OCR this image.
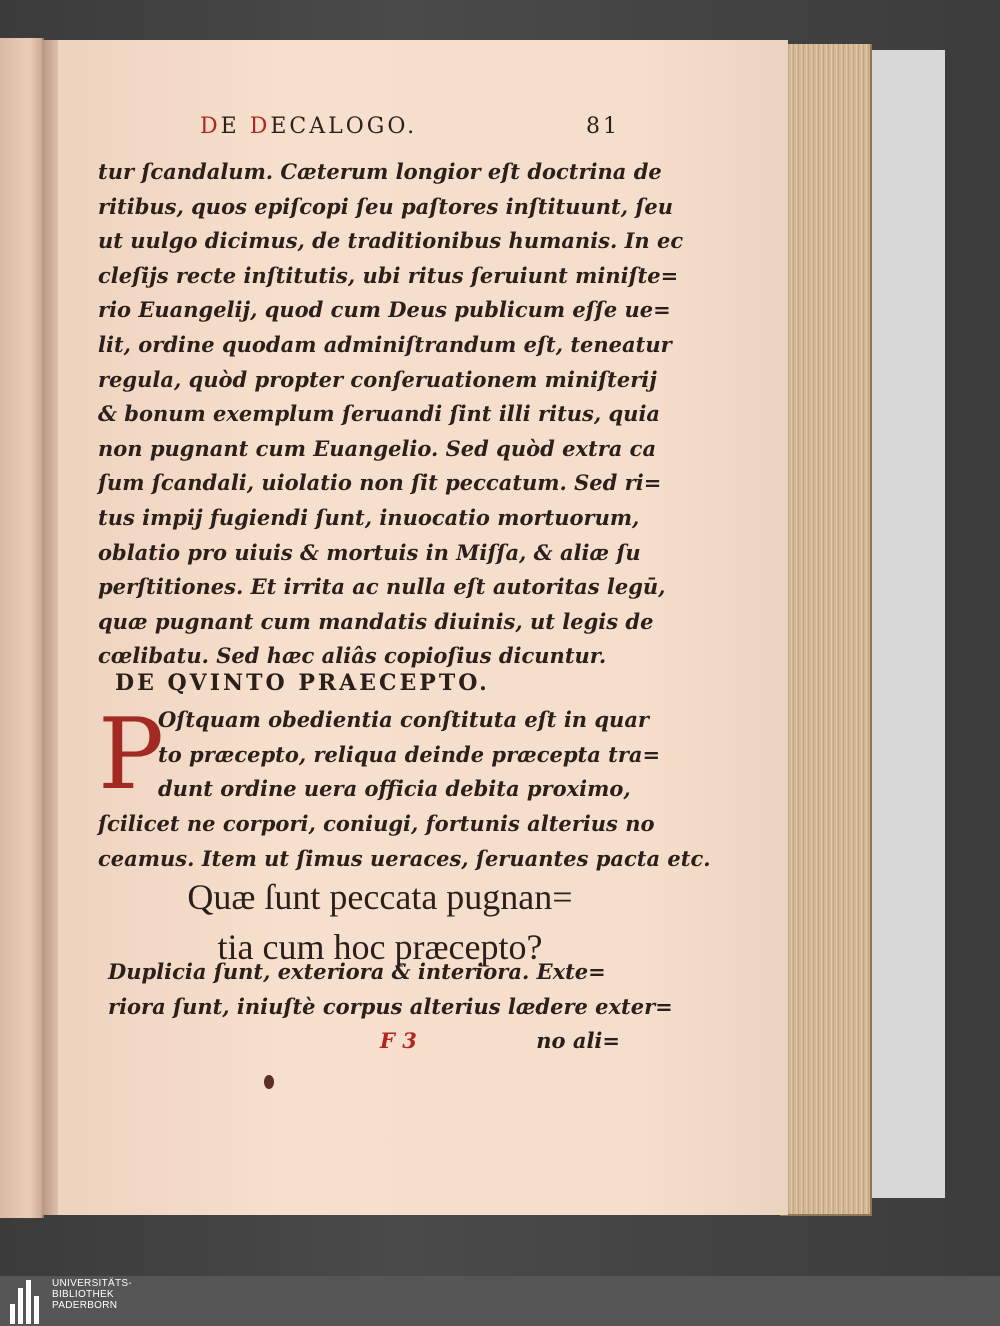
DE DECALOGO.	81
tur ſcandalum. Cæterum longior eſt doctrina de
ritibus, quos epiſcopi ſeu paſtores inſtituunt, ſeu
ut uulgo dicimus, de traditionibus humanis. In ec
cleſijs recte inſtitutis, ubi ritus ſeruiunt miniſte=
rio Euangelij, quod cum Deus publicum eſſe ue=
lit, ordine quodam adminiſtrandum eſt, teneatur
regula, quòd propter conſeruationem miniſterij
& bonum exemplum ſeruandi ſint illi ritus, quia
non pugnant cum Euangelio. Sed quòd extra ca
ſum ſcandali, uiolatio non ſit peccatum. Sed ri=
tus impij fugiendi ſunt, inuocatio mortuorum,
oblatio pro uiuis & mortuis in Miſſa, & aliæ ſu
perſtitiones. Et irrita ac nulla eſt autoritas legū,
quæ pugnant cum mandatis diuinis, ut legis de
cœlibatu. Sed hæc aliâs copioſius dicuntur.
DE QVINTO PRAECEPTO.
P
Oſtquam obedientia conſtituta eſt in quar
to præcepto, reliqua deinde præcepta tra=
dunt ordine uera officia debita proximo,
ſcilicet ne corpori, coniugi, fortunis alterius no
ceamus. Item ut ſimus ueraces, ſeruantes pacta etc.
Quæ ſunt peccata pugnan=
tia cum hoc præcepto?
Duplicia ſunt, exteriora & interiora. Exte=
riora ſunt, iniuſtè corpus alterius lædere exter=
F 3	no ali=
UNIVERSITÄTS-
BIBLIOTHEK
PADERBORN
